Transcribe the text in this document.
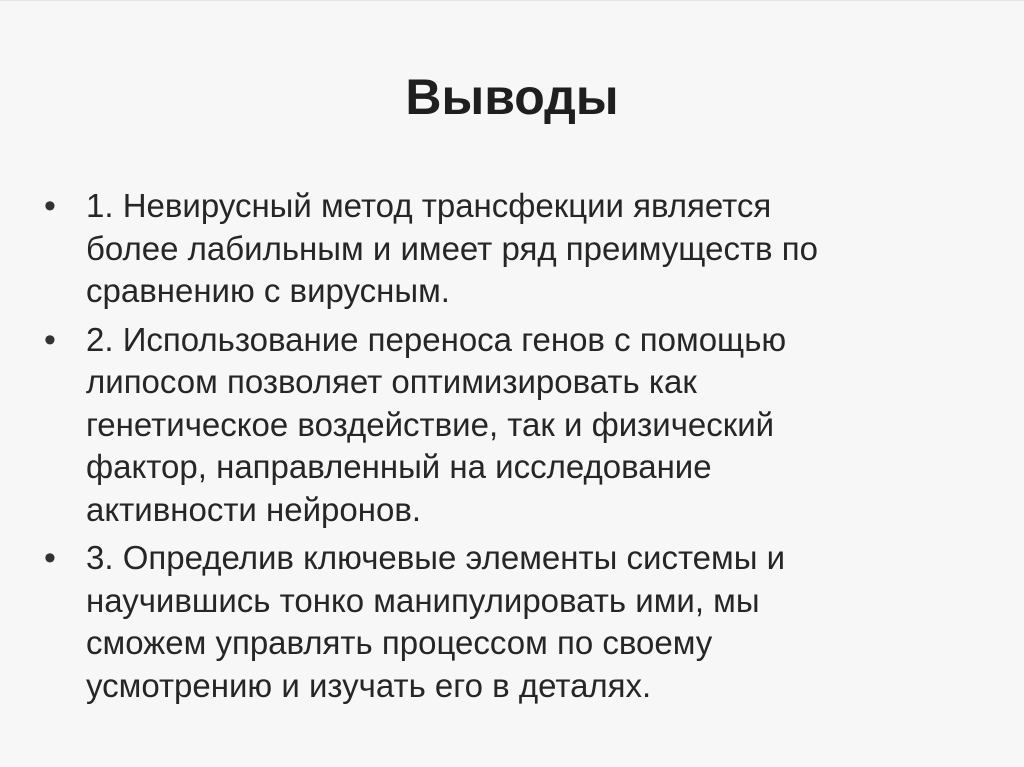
Выводы
• 1. Невирусный метод трансфекции является
более лабильным и имеет ряд преимуществ по
сравнению с вирусным.
• 2. Использование переноса генов с помощью
липосом позволяет оптимизировать как
генетическое воздействие, так и физический
фактор, направленный на исследование
активности нейронов.
• 3. Определив ключевые элементы системы и
научившись тонко манипулировать ими, мы
сможем управлять процессом по своему
усмотрению и изучать его в деталях.
